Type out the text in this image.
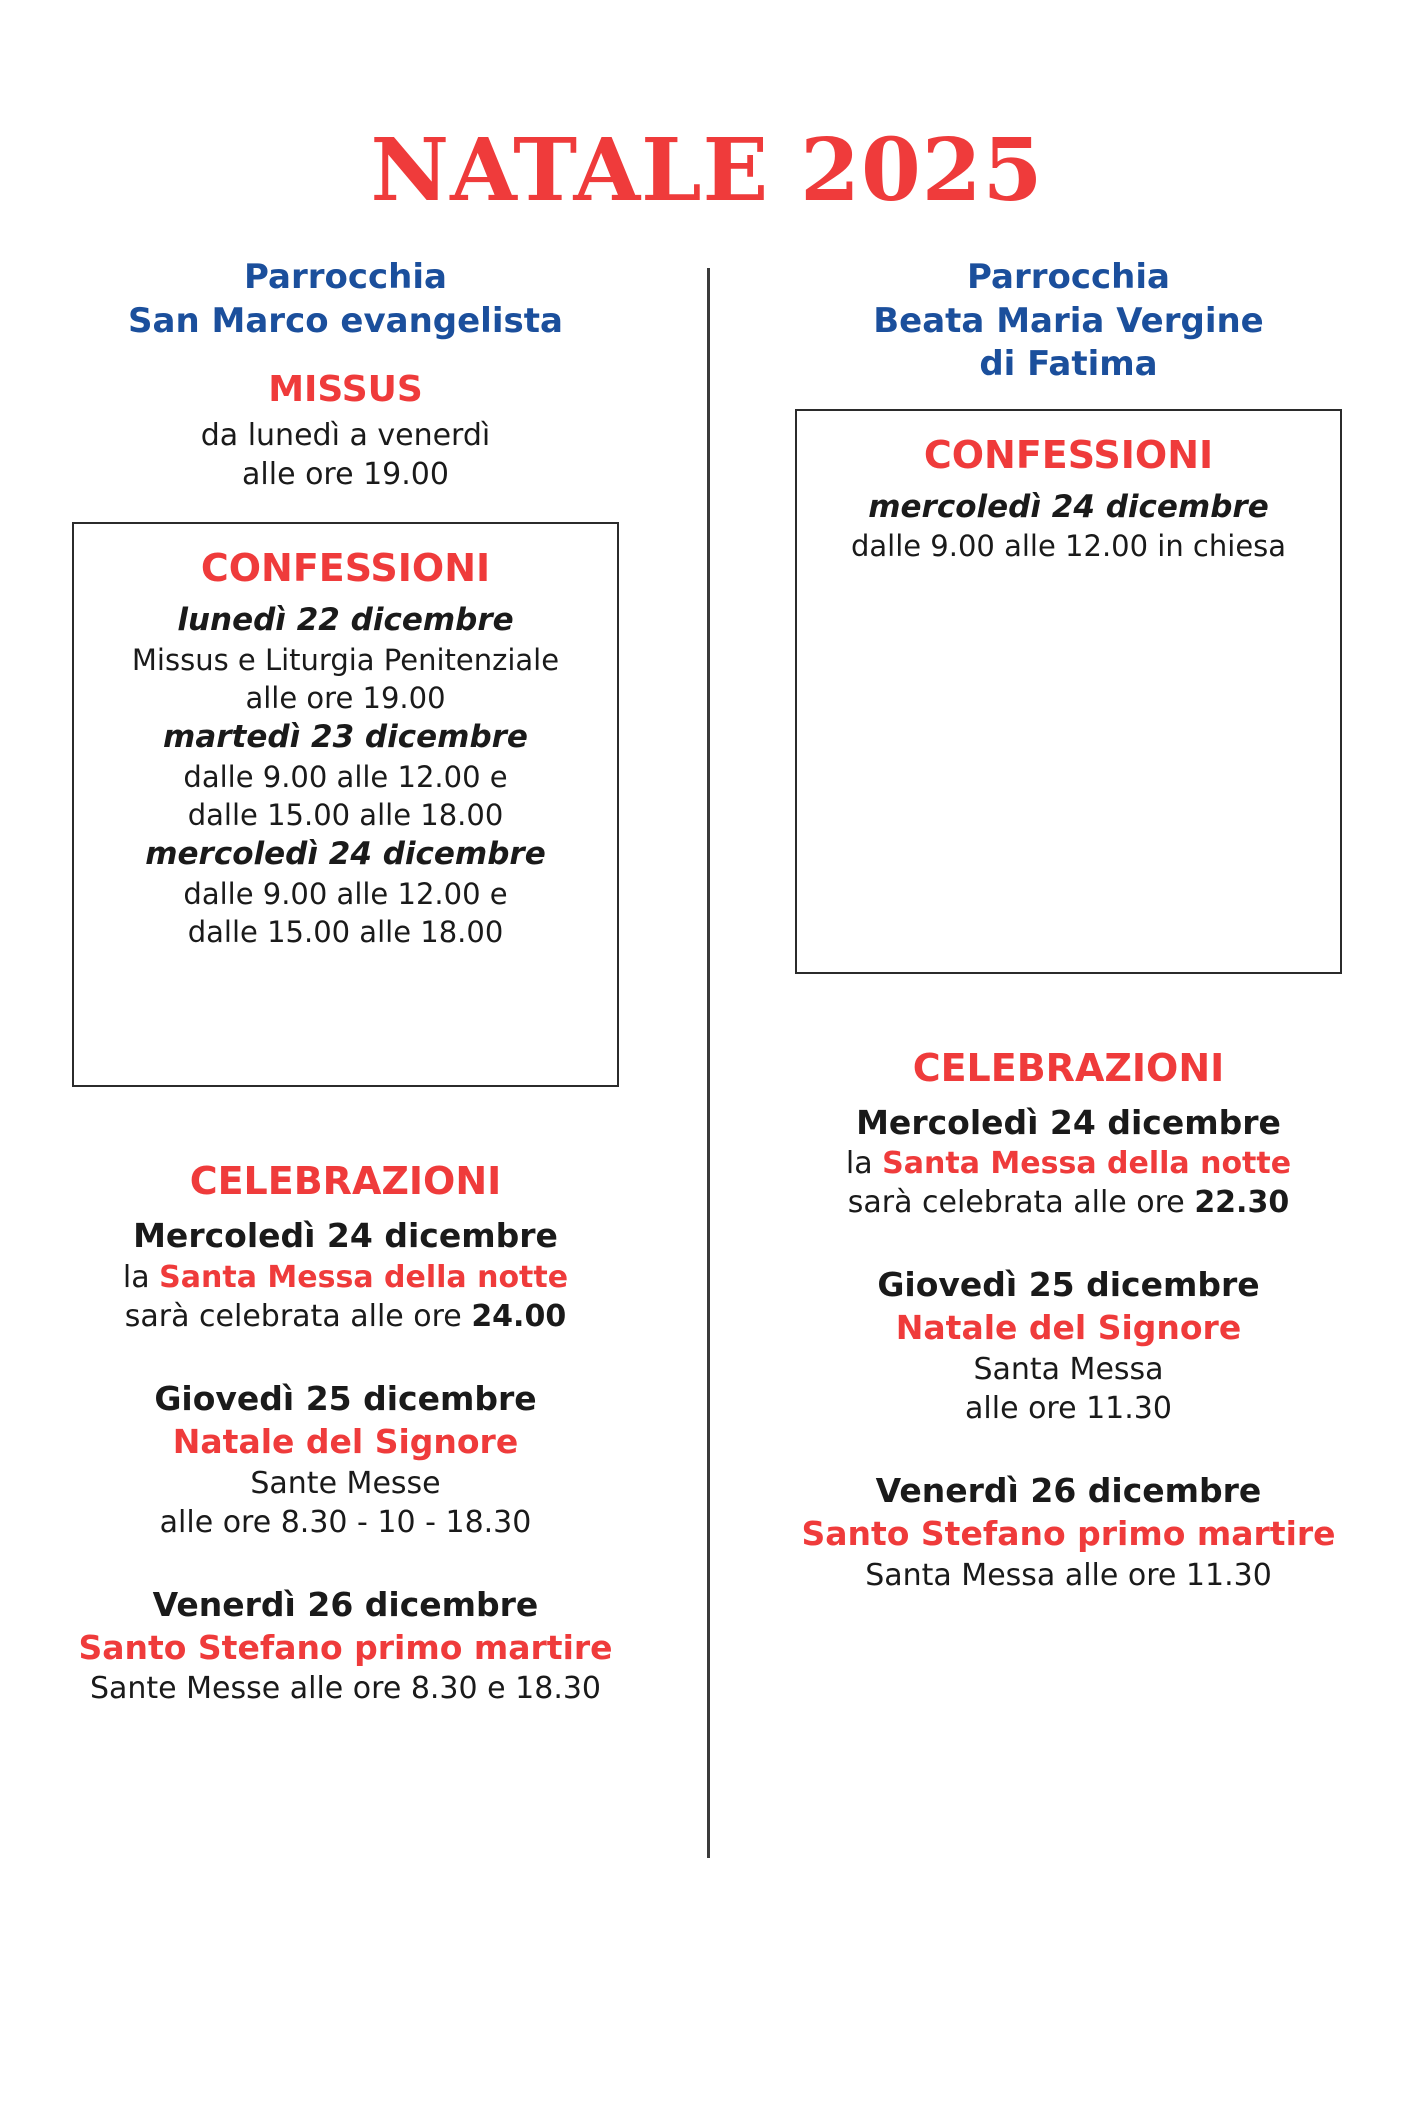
NATALE 2025
Parrocchia
San Marco evangelista
MISSUS
da lunedì a venerdì
alle ore 19.00
CONFESSIONI
lunedì 22 dicembre
Missus e Liturgia Penitenziale
alle ore 19.00
martedì 23 dicembre
dalle 9.00 alle 12.00 e
dalle 15.00 alle 18.00
mercoledì 24 dicembre
dalle 9.00 alle 12.00 e
dalle 15.00 alle 18.00
CELEBRAZIONI
Mercoledì 24 dicembre
la Santa Messa della notte
sarà celebrata alle ore 24.00
Giovedì 25 dicembre
Natale del Signore
Sante Messe
alle ore 8.30 - 10 - 18.30
Venerdì 26 dicembre
Santo Stefano primo martire
Sante Messe alle ore 8.30 e 18.30
Parrocchia
Beata Maria Vergine
di Fatima
CONFESSIONI
mercoledì 24 dicembre
dalle 9.00 alle 12.00 in chiesa
CELEBRAZIONI
Mercoledì 24 dicembre
la Santa Messa della notte
sarà celebrata alle ore 22.30
Giovedì 25 dicembre
Natale del Signore
Santa Messa
alle ore 11.30
Venerdì 26 dicembre
Santo Stefano primo martire
Santa Messa alle ore 11.30
